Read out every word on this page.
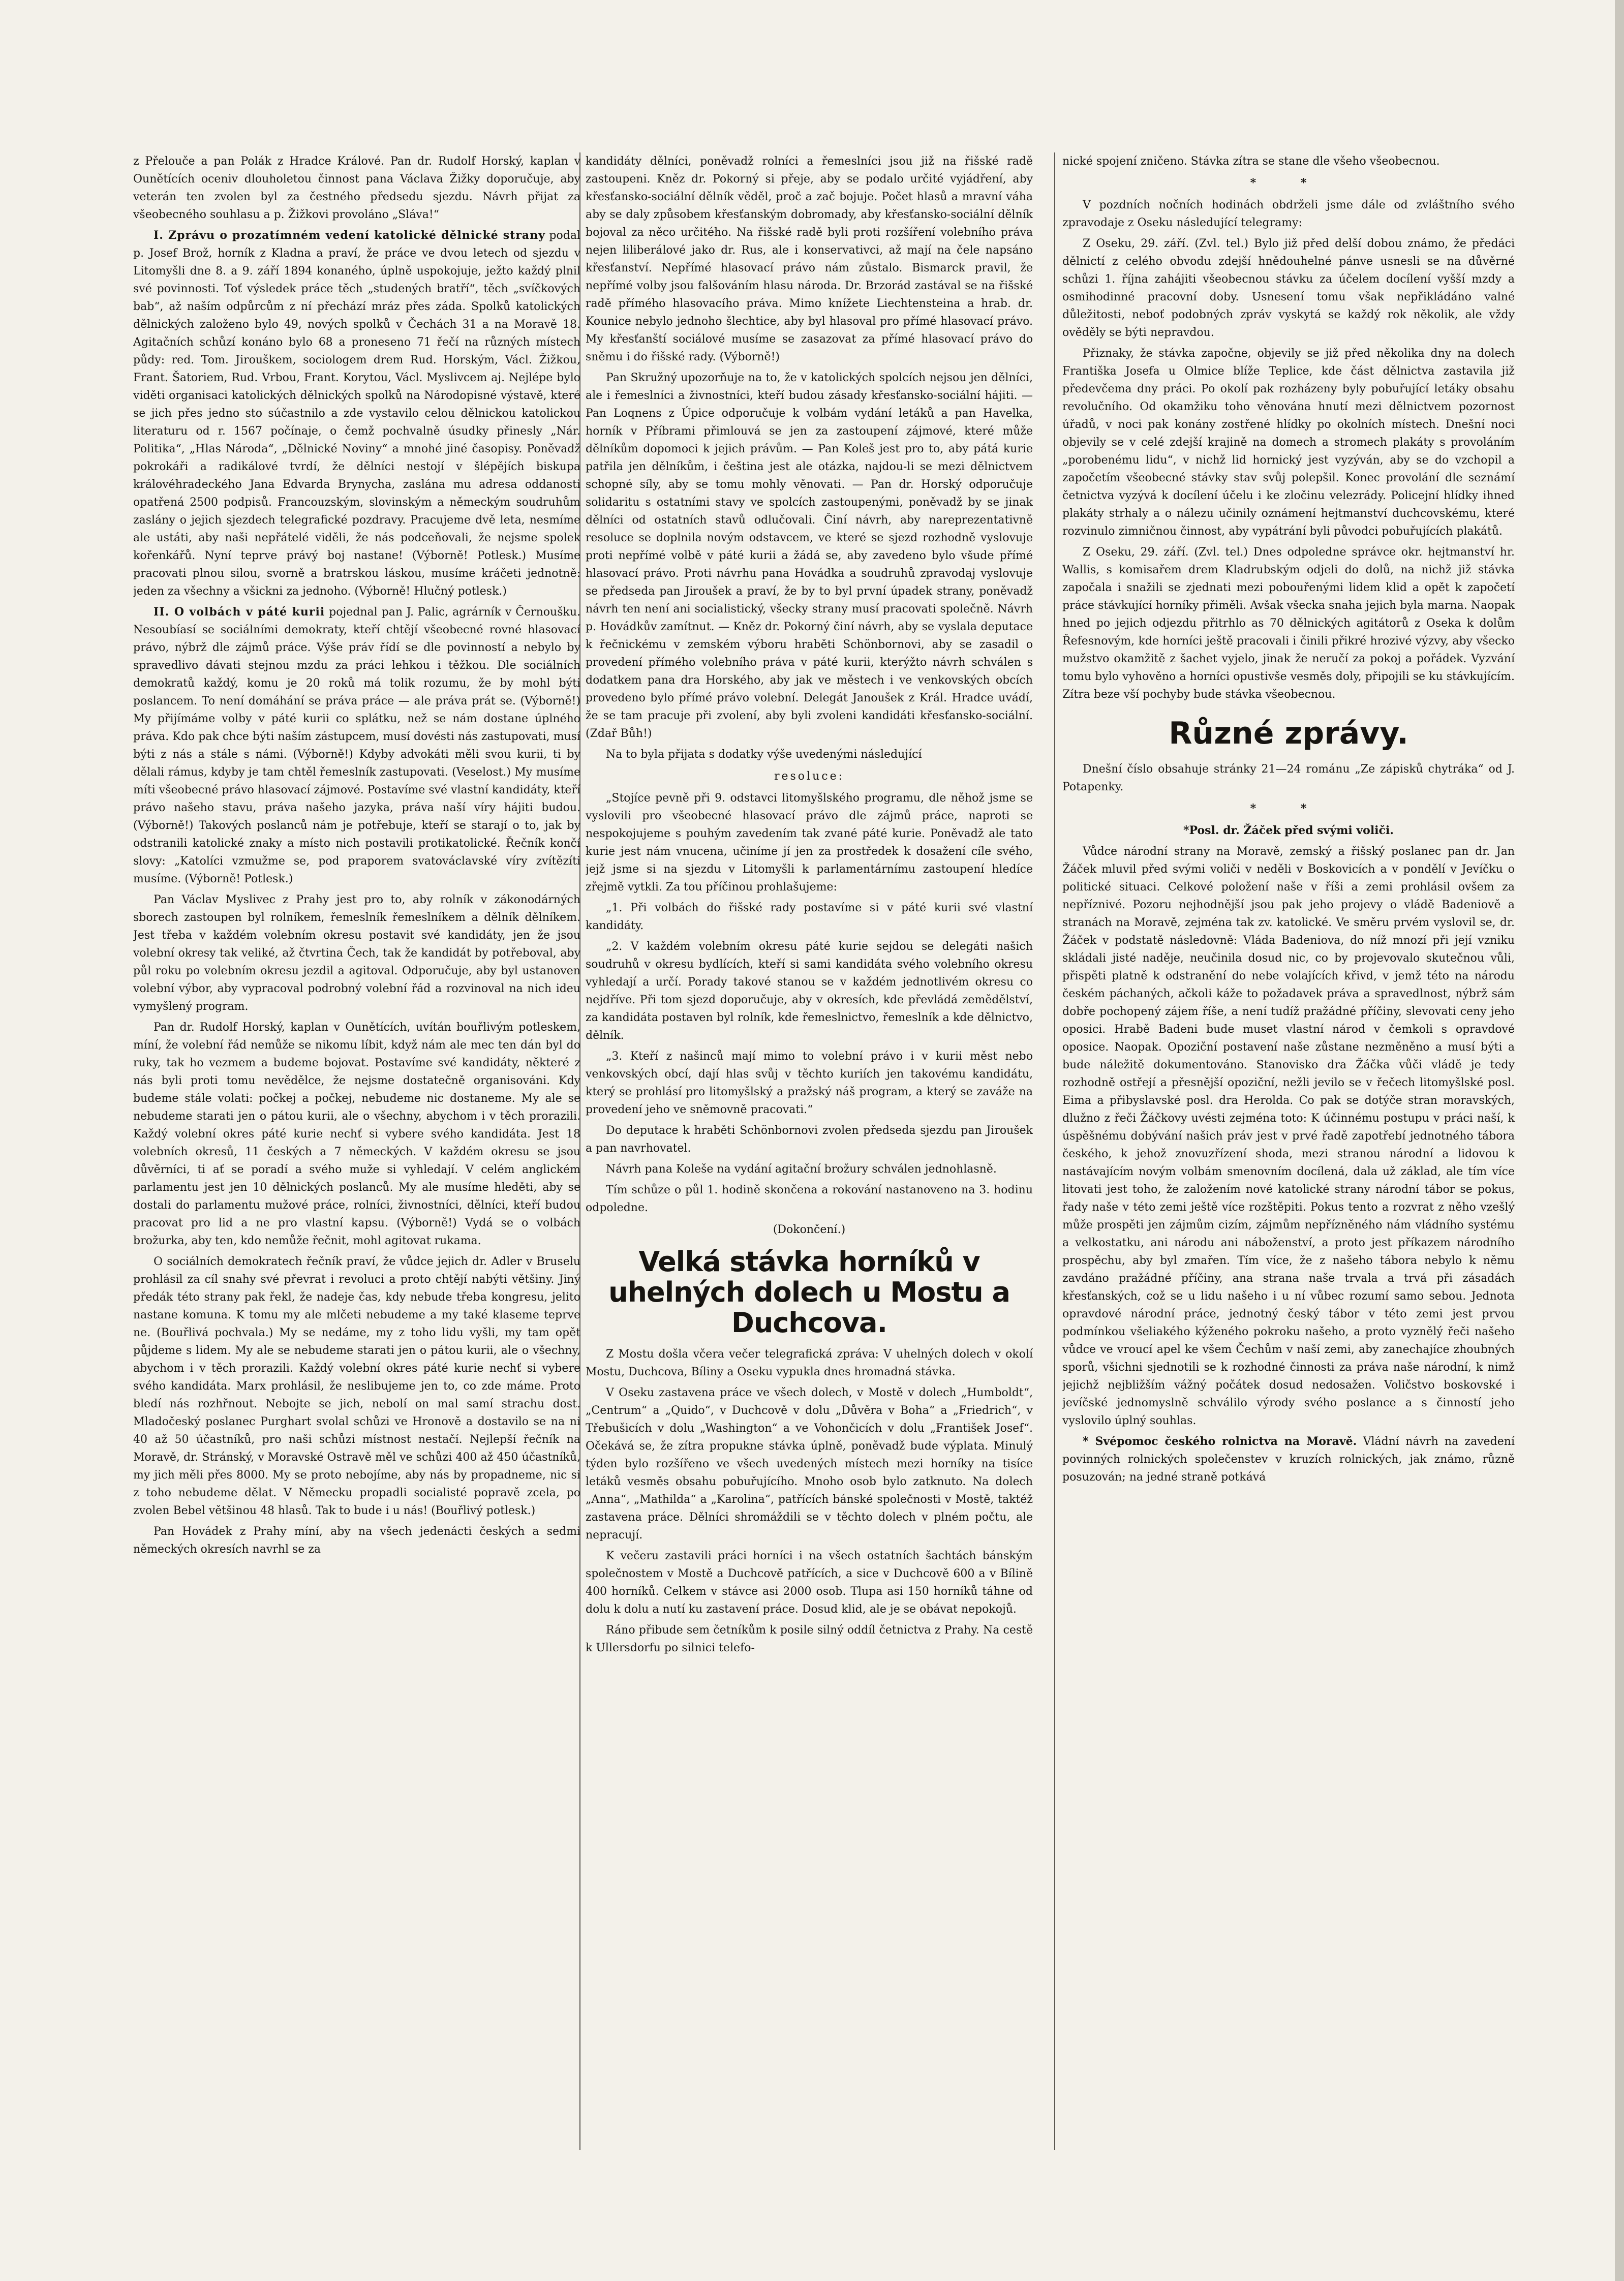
z Přelouče a pan Polák z Hradce Králové. Pan dr. Rudolf Horský, kaplan v Ounětících oceniv dlouholetou činnost pana Václava Žižky doporučuje, aby veterán ten zvolen byl za čestného předsedu sjezdu. Návrh přijat za všeobecného souhlasu a p. Žižkovi provoláno „Sláva!“

I. Zprávu o prozatímném vedení katolické dělnické strany podal p. Josef Brož, horník z Kladna a praví, že práce ve dvou letech od sjezdu v Litomyšli dne 8. a 9. září 1894 konaného, úplně uspokojuje, ježto každý plnil své povinnosti. Toť výsledek práce těch „studených bratří“, těch „svíčkových bab“, až naším odpůrcům z ní přechází mráz přes záda. Spolků katolických dělnických založeno bylo 49, nových spolků v Čechách 31 a na Moravě 18. Agitačních schůzí konáno bylo 68 a proneseno 71 řečí na různých místech půdy: red. Tom. Jirouškem, sociologem drem Rud. Horským, Václ. Žižkou, Frant. Šatoriem, Rud. Vrbou, Frant. Korytou, Václ. Myslivcem aj. Nejlépe bylo viděti organisaci katolických dělnických spolků na Národopisné výstavě, které se jich přes jedno sto súčastnilo a zde vystavilo celou dělnickou katolickou literaturu od r. 1567 počínaje, o čemž pochvalně úsudky přinesly „Nár. Politika“, „Hlas Národa“, „Dělnické Noviny“ a mnohé jiné časopisy. Poněvadž pokrokáři a radikálové tvrdí, že dělníci nestojí v šlépějích biskupa královéhradeckého Jana Edvarda Brynycha, zaslána mu adresa oddanosti opatřená 2500 podpisů. Francouzským, slovinským a německým soudruhům zaslány o jejich sjezdech telegrafické pozdravy. Pracujeme dvě leta, nesmíme ale ustáti, aby naši nepřátelé viděli, že nás podceňovali, že nejsme spolek kořenkářů. Nyní teprve právý boj nastane! (Výborně! Potlesk.) Musíme pracovati plnou silou, svorně a bratrskou láskou, musíme kráčeti jednotně: jeden za všechny a všickni za jednoho. (Výborně! Hlučný potlesk.)

II. O volbách v páté kurii pojednal pan J. Palic, agrárník v Černoušku. Nesoubíasí se sociálními demokraty, kteří chtějí všeobecné rovné hlasovací právo, nýbrž dle zájmů práce. Výše práv řídí se dle povinností a nebylo by spravedlivo dávati stejnou mzdu za práci lehkou i těžkou. Dle sociálních demokratů každý, komu je 20 roků má tolik rozumu, že by mohl býti poslancem. To není domáhání se práva práce — ale práva prát se. (Výborně!) My přijímáme volby v páté kurii co splátku, než se nám dostane úplného práva. Kdo pak chce býti naším zástupcem, musí dovésti nás zastupovati, musí býti z nás a stále s námi. (Výborně!) Kdyby advokáti měli svou kurii, ti by dělali rámus, kdyby je tam chtěl řemeslník zastupovati. (Veselost.) My musíme míti všeobecné právo hlasovací zájmové. Postavíme své vlastní kandidáty, kteří právo našeho stavu, práva našeho jazyka, práva naší víry hájiti budou. (Výborně!) Takových poslanců nám je potřebuje, kteří se starají o to, jak by odstranili katolické znaky a místo nich postavili protikatolické. Řečník končí slovy: „Katolíci vzmužme se, pod praporem svatováclavské víry zvítězíti musíme. (Výborně! Potlesk.)

Pan Václav Myslivec z Prahy jest pro to, aby rolník v zákonodárných sborech zastoupen byl rolníkem, řemeslník řemeslníkem a dělník dělníkem. Jest třeba v každém volebním okresu postavit své kandidáty, jen že jsou volební okresy tak veliké, až čtvrtina Čech, tak že kandidát by potřeboval, aby půl roku po volebním okresu jezdil a agitoval. Odporučuje, aby byl ustanoven volební výbor, aby vypracoval podrobný volební řád a rozvinoval na nich ideu vymyšlený program.

Pan dr. Rudolf Horský, kaplan v Ounětících, uvítán bouřlivým potleskem, míní, že volební řád nemůže se nikomu líbit, když nám ale mec ten dán byl do ruky, tak ho vezmem a budeme bojovat. Postavíme své kandidáty, některé z nás byli proti tomu nevědělce, že nejsme dostatečně organisováni. Kdy budeme stále volati: počkej a počkej, nebudeme nic dostaneme. My ale se nebudeme starati jen o pátou kurii, ale o všechny, abychom i v těch prorazili. Každý volební okres páté kurie nechť si vybere svého kandidáta. Jest 18 volebních okresů, 11 českých a 7 německých. V každém okresu se jsou důvěrníci, ti ať se poradí a svého muže si vyhledají. V celém anglickém parlamentu jest jen 10 dělnických poslanců. My ale musíme hleděti, aby se dostali do parlamentu mužové práce, rolníci, živnostníci, dělníci, kteří budou pracovat pro lid a ne pro vlastní kapsu. (Výborně!) Vydá se o volbách brožurka, aby ten, kdo nemůže řečnit, mohl agitovat rukama.

O sociálních demokratech řečník praví, že vůdce jejich dr. Adler v Bruselu prohlásil za cíl snahy své převrat i revoluci a proto chtějí nabýti většiny. Jiný předák této strany pak řekl, že nadeje čas, kdy nebude třeba kongresu, jelito nastane komuna. K tomu my ale mlčeti nebudeme a my také klaseme teprve ne. (Bouřlivá pochvala.) My se nedáme, my z toho lidu vyšli, my tam opět půjdeme s lidem. My ale se nebudeme starati jen o pátou kurii, ale o všechny, abychom i v těch prorazili. Každý volební okres páté kurie nechť si vybere svého kandidáta. Marx prohlásil, že neslibujeme jen to, co zde máme. Proto bledí nás rozhřnout. Nebojte se jich, nebolí on mal samí strachu dost. Mladočeský poslanec Purghart svolal schůzi ve Hronově a dostavilo se na ni 40 až 50 účastníků, pro naši schůzi místnost nestačí. Nejlepší řečník na Moravě, dr. Stránský, v Moravské Ostravě měl ve schůzi 400 až 450 účastníků, my jich měli přes 8000. My se proto nebojíme, aby nás by propadneme, nic si z toho nebudeme dělat. V Německu propadli socialisté popravě zcela, po zvolen Bebel většinou 48 hlasů. Tak to bude i u nás! (Bouřlivý potlesk.)

Pan Hovádek z Prahy míní, aby na všech jedenácti českých a sedmi německých okresích navrhl se za

kandidáty dělníci, poněvadž rolníci a řemeslníci jsou již na řišské radě zastoupeni. Kněz dr. Pokorný si přeje, aby se podalo určité vyjádření, aby křesťansko-sociální dělník věděl, proč a zač bojuje. Počet hlasů a mravní váha aby se daly způsobem křesťanským dobromady, aby křesťansko-sociální dělník bojoval za něco určitého. Na řišské radě byli proti rozšíření volebního práva nejen liliberálové jako dr. Rus, ale i konservativci, až mají na čele napsáno křesťanství. Nepřímé hlasovací právo nám zůstalo. Bismarck pravil, že nepřímé volby jsou falšováním hlasu národa. Dr. Brzorád zastával se na řišské radě přímého hlasovacího práva. Mimo knížete Liechtensteina a hrab. dr. Kounice nebylo jednoho šlechtice, aby byl hlasoval pro přímé hlasovací právo. My křesťanští sociálové musíme se zasazovat za přímé hlasovací právo do sněmu i do řišské rady. (Výborně!)

Pan Skružný upozorňuje na to, že v katolických spolcích nejsou jen dělníci, ale i řemeslníci a živnostníci, kteří budou zásady křesťansko-sociální hájiti. — Pan Loqnens z Úpice odporučuje k volbám vydání letáků a pan Havelka, horník v Příbrami přimlouvá se jen za zastoupení zájmové, které může dělníkům dopomoci k jejich právům. — Pan Koleš jest pro to, aby pátá kurie patřila jen dělníkům, i čeština jest ale otázka, najdou-li se mezi dělnictvem schopné síly, aby se tomu mohly věnovati. — Pan dr. Horský odporučuje solidaritu s ostatními stavy ve spolcích zastoupenými, poněvadž by se jinak dělníci od ostatních stavů odlučovali. Činí návrh, aby nareprezentativně resoluce se doplnila novým odstavcem, ve které se sjezd rozhodně vyslovuje proti nepřímé volbě v páté kurii a žádá se, aby zavedeno bylo všude přímé hlasovací právo. Proti návrhu pana Hovádka a soudruhů zpravodaj vyslovuje se předseda pan Jiroušek a praví, že by to byl první úpadek strany, poněvadž návrh ten není ani socialistický, všecky strany musí pracovati společně. Návrh p. Hovádkův zamítnut. — Kněz dr. Pokorný činí návrh, aby se vyslala deputace k řečnickému v zemském výboru hraběti Schönbornovi, aby se zasadil o provedení přímého volebního práva v páté kurii, kterýžto návrh schválen s dodatkem pana dra Horského, aby jak ve městech i ve venkovských obcích provedeno bylo přímé právo volební. Delegát Janoušek z Král. Hradce uvádí, že se tam pracuje při zvolení, aby byli zvoleni kandidáti křesťansko-sociální. (Zdař Bůh!)

Na to byla přijata s dodatky výše uvedenými následující

resoluce:

„Stojíce pevně při 9. odstavci litomyšlského programu, dle něhož jsme se vyslovili pro všeobecné hlasovací právo dle zájmů práce, naproti se nespokojujeme s pouhým zavedením tak zvané páté kurie. Poněvadž ale tato kurie jest nám vnucena, učiníme jí jen za prostředek k dosažení cíle svého, jejž jsme si na sjezdu v Litomyšli k parlamentárnímu zastoupení hledíce zřejmě vytkli. Za tou příčinou prohlašujeme:

„1. Při volbách do řišské rady postavíme si v páté kurii své vlastní kandidáty.

„2. V každém volebním okresu páté kurie sejdou se delegáti našich soudruhů v okresu bydlících, kteří si sami kandidáta svého volebního okresu vyhledají a určí. Porady takové stanou se v každém jednotlivém okresu co nejdříve. Při tom sjezd doporučuje, aby v okresích, kde převládá zemědělství, za kandidáta postaven byl rolník, kde řemeslnictvo, řemeslník a kde dělnictvo, dělník.

„3. Kteří z našinců mají mimo to volební právo i v kurii měst nebo venkovských obcí, dají hlas svůj v těchto kuriích jen takovému kandidátu, který se prohlásí pro litomyšlský a pražský náš program, a který se zaváže na provedení jeho ve sněmovně pracovati.“

Do deputace k hraběti Schönbornovi zvolen předseda sjezdu pan Jiroušek a pan navrhovatel.

Návrh pana Koleše na vydání agitační brožury schválen jednohlasně.

Tím schůze o půl 1. hodině skončena a rokování nastanoveno na 3. hodinu odpoledne.

(Dokončení.)

Velká stávka horníků v uhelných dolech u Mostu a Duchcova.

Z Mostu došla včera večer telegrafická zpráva: V uhelných dolech v okolí Mostu, Duchcova, Bíliny a Oseku vypukla dnes hromadná stávka.

V Oseku zastavena práce ve všech dolech, v Mostě v dolech „Humboldt“, „Centrum“ a „Quido“, v Duchcově v dolu „Důvěra v Boha“ a „Friedrich“, v Třebušicích v dolu „Washington“ a ve Vohončicích v dolu „František Josef“. Očekává se, že zítra propukne stávka úplně, poněvadž bude výplata. Minulý týden bylo rozšířeno ve všech uvedených místech mezi horníky na tisíce letáků vesměs obsahu pobuřujícího. Mnoho osob bylo zatknuto. Na dolech „Anna“, „Mathilda“ a „Karolina“, patřících bánské společnosti v Mostě, taktéž zastavena práce. Dělníci shromáždili se v těchto dolech v plném počtu, ale nepracují.

K večeru zastavili práci horníci i na všech ostatních šachtách bánským společnostem v Mostě a Duchcově patřících, a sice v Duchcově 600 a v Bílině 400 horníků. Celkem v stávce asi 2000 osob. Tlupa asi 150 horníků táhne od dolu k dolu a nutí ku zastavení práce. Dosud klid, ale je se obávat nepokojů.

Ráno přibude sem četníkům k posile silný oddíl četnictva z Prahy. Na cestě k Ullersdorfu po silnici telefo-

nické spojení zničeno. Stávka zítra se stane dle všeho všeobecnou.

* *

V pozdních nočních hodinách obdrželi jsme dále od zvláštního svého zpravodaje z Oseku následující telegramy:

Z Oseku, 29. září. (Zvl. tel.) Bylo již před delší dobou známo, že předáci dělnictí z celého obvodu zdejší hnědouhelné pánve usnesli se na důvěrné schůzi 1. října zahájiti všeobecnou stávku za účelem docílení vyšší mzdy a osmihodinné pracovní doby. Usnesení tomu však nepřikládáno valné důležitosti, neboť podobných zpráv vyskytá se každý rok několik, ale vždy ověděly se býti nepravdou.

Přiznaky, že stávka započne, objevily se již před několika dny na dolech Františka Josefa u Olmice blíže Teplice, kde část dělnictva zastavila již předevčema dny práci. Po okolí pak rozházeny byly pobuřující letáky obsahu revolučního. Od okamžiku toho věnována hnutí mezi dělnictvem pozornost úřadů, v noci pak konány zostřené hlídky po okolních místech. Dnešní noci objevily se v celé zdejší krajině na domech a stromech plakáty s provoláním „porobenému lidu“, v nichž lid hornický jest vyzýván, aby se do vzchopil a započetím všeobecné stávky stav svůj polepšil. Konec provolání dle seznámí četnictva vyzývá k docílení účelu i ke zločinu velezrády. Policejní hlídky ihned plakáty strhaly a o nálezu učinily oznámení hejtmanství duchcovskému, které rozvinulo zimničnou činnost, aby vypátrání byli původci pobuřujících plakátů.

Z Oseku, 29. září. (Zvl. tel.) Dnes odpoledne správce okr. hejtmanství hr. Wallis, s komisařem drem Kladrubským odjeli do dolů, na nichž již stávka započala i snažili se zjednati mezi pobouřenými lidem klid a opět k započetí práce stávkující horníky přiměli. Avšak všecka snaha jejich byla marna. Naopak hned po jejich odjezdu přitrhlo as 70 dělnických agitátorů z Oseka k dolům Řefesnovým, kde horníci ještě pracovali i činili přikré hrozivé výzvy, aby všecko mužstvo okamžitě z šachet vyjelo, jinak že neručí za pokoj a pořádek. Vyzvání tomu bylo vyhověno a horníci opustivše vesměs doly, připojili se ku stávkujícím. Zítra beze vší pochyby bude stávka všeobecnou.

Různé zprávy.

Dnešní číslo obsahuje stránky 21—24 románu „Ze zápisků chytráka“ od J. Potapenky.

* *

*Posl. dr. Žáček před svými voliči.

Vůdce národní strany na Moravě, zemský a řišský poslanec pan dr. Jan Žáček mluvil před svými voliči v neděli v Boskovicích a v pondělí v Jevíčku o politické situaci. Celkové položení naše v říši a zemi prohlásil ovšem za nepříznivé. Pozoru nejhodnější jsou pak jeho projevy o vládě Badeniově a stranách na Moravě, zejména tak zv. katolické. Ve směru prvém vyslovil se, dr. Žáček v podstatě následovně: Vláda Badeniova, do níž mnozí při její vzniku skládali jisté naděje, neučinila dosud nic, co by projevovalo skutečnou vůli, přispěti platně k odstranění do nebe volajících křivd, v jemž této na národu českém páchaných, ačkoli káže to požadavek práva a spravedlnost, nýbrž sám dobře pochopený zájem říše, a není tudíž pražádné příčiny, slevovati ceny jeho oposici. Hrabě Badeni bude muset vlastní národ v čemkoli s opravdové oposice. Naopak. Opoziční postavení naše zůstane nezměněno a musí býti a bude náležitě dokumentováno. Stanovisko dra Žáčka vůči vládě je tedy rozhodně ostřejí a přesnější opoziční, nežli jevilo se v řečech litomyšlské posl. Eima a přibyslavské posl. dra Herolda. Co pak se dotýče stran moravských, dlužno z řeči Žáčkovy uvésti zejména toto: K účinnému postupu v práci naší, k úspěšnému dobývání našich práv jest v prvé řadě zapotřebí jednotného tábora českého, k jehož znovuzřízení shoda, mezi stranou národní a lidovou k nastávajícím novým volbám smenovním docílená, dala už základ, ale tím více litovati jest toho, že založením nové katolické strany národní tábor se pokus, řady naše v této zemi ještě více rozštěpiti. Pokus tento a rozvrat z něho vzešlý může prospěti jen zájmům cizím, zájmům nepřízněného nám vládního systému a velkostatku, ani národu ani náboženství, a proto jest příkazem národního prospěchu, aby byl zmařen. Tím více, že z našeho tábora nebylo k němu zavdáno pražádné příčiny, ana strana naše trvala a trvá při zásadách křesťanských, což se u lidu našeho i u ní vůbec rozumí samo sebou. Jednota opravdové národní práce, jednotný český tábor v této zemi jest prvou podmínkou všeliakého kýženého pokroku našeho, a proto vyznělý řeči našeho vůdce ve vroucí apel ke všem Čechům v naší zemi, aby zanechajíce zhoubných sporů, všichni sjednotili se k rozhodné činnosti za práva naše národní, k nimž jejichž nejbližším vážný počátek dosud nedosažen. Voličstvo boskovské i jevíčské jednomyslně schválilo výrody svého poslance a s činností jeho vyslovilo úplný souhlas.

* Svépomoc českého rolnictva na Moravě. Vládní návrh na zavedení povinných rolnických společenstev v kruzích rolnických, jak známo, různě posuzován; na jedné straně potkává
